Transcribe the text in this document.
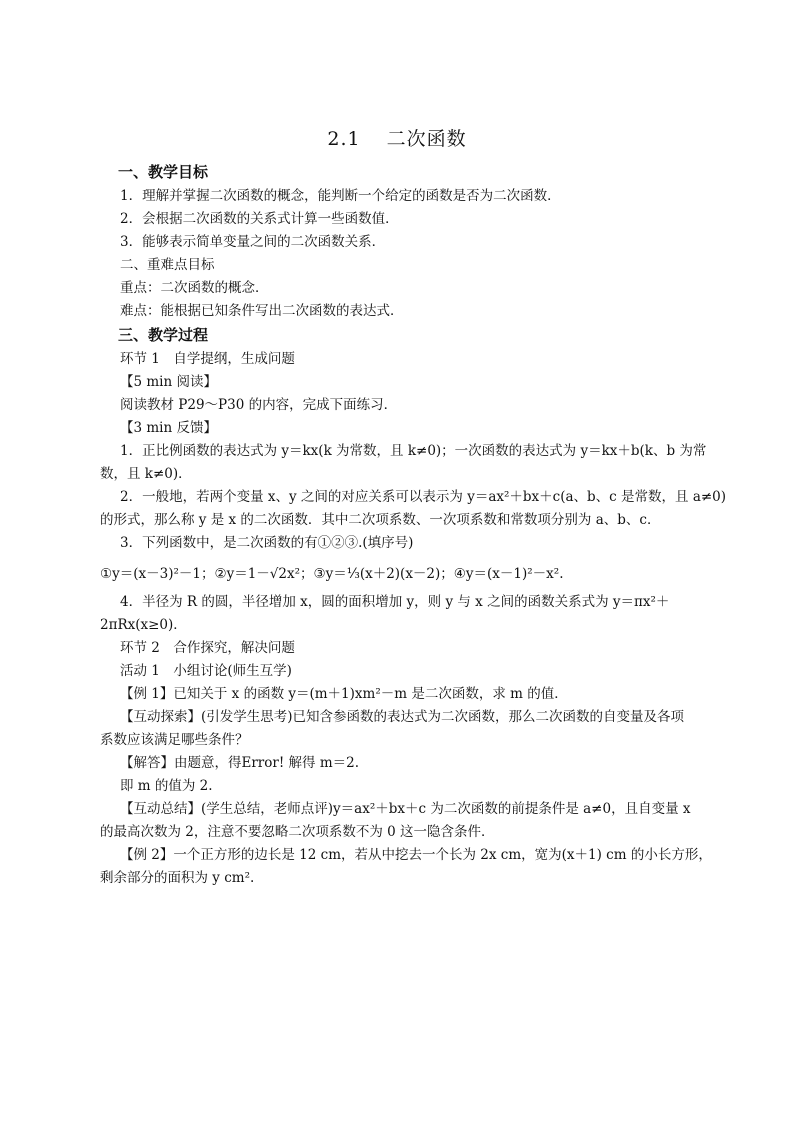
2.1 二次函数
一、教学目标
1．理解并掌握二次函数的概念，能判断一个给定的函数是否为二次函数．
2．会根据二次函数的关系式计算一些函数值．
3．能够表示简单变量之间的二次函数关系．
二、重难点目标
重点：二次函数的概念．
难点：能根据已知条件写出二次函数的表达式．
三、教学过程
环节 1　自学提纲，生成问题
【5 min 阅读】
阅读教材 P29～P30 的内容，完成下面练习．
【3 min 反馈】
1．正比例函数的表达式为 y＝kx(k 为常数，且 k≠0)；一次函数的表达式为 y＝kx＋b(k、b 为常
数，且 k≠0)．
2．一般地，若两个变量 x、y 之间的对应关系可以表示为 y＝ax²＋bx＋c(a、b、c 是常数，且 a≠0)
的形式，那么称 y 是 x 的二次函数．其中二次项系数、一次项系数和常数项分别为 a、b、c．
3．下列函数中，是二次函数的有①②③.(填序号)
①y＝(x－3)²－1；②y＝1－√2x²；③y＝⅓(x＋2)(x－2)；④y＝(x－1)²－x².
4．半径为 R 的圆，半径增加 x，圆的面积增加 y，则 y 与 x 之间的函数关系式为 y＝πx²＋
2πRx(x≥0)．
环节 2　合作探究，解决问题
活动 1　小组讨论(师生互学)
【例 1】已知关于 x 的函数 y＝(m＋1)xm²－m 是二次函数，求 m 的值．
【互动探索】(引发学生思考)已知含参函数的表达式为二次函数，那么二次函数的自变量及各项
系数应该满足哪些条件？
【解答】由题意，得Error! 解得 m＝2.
即 m 的值为 2.
【互动总结】(学生总结，老师点评)y＝ax²＋bx＋c 为二次函数的前提条件是 a≠0，且自变量 x
的最高次数为 2，注意不要忽略二次项系数不为 0 这一隐含条件．
【例 2】一个正方形的边长是 12 cm，若从中挖去一个长为 2x cm，宽为(x＋1) cm 的小长方形，
剩余部分的面积为 y cm².
